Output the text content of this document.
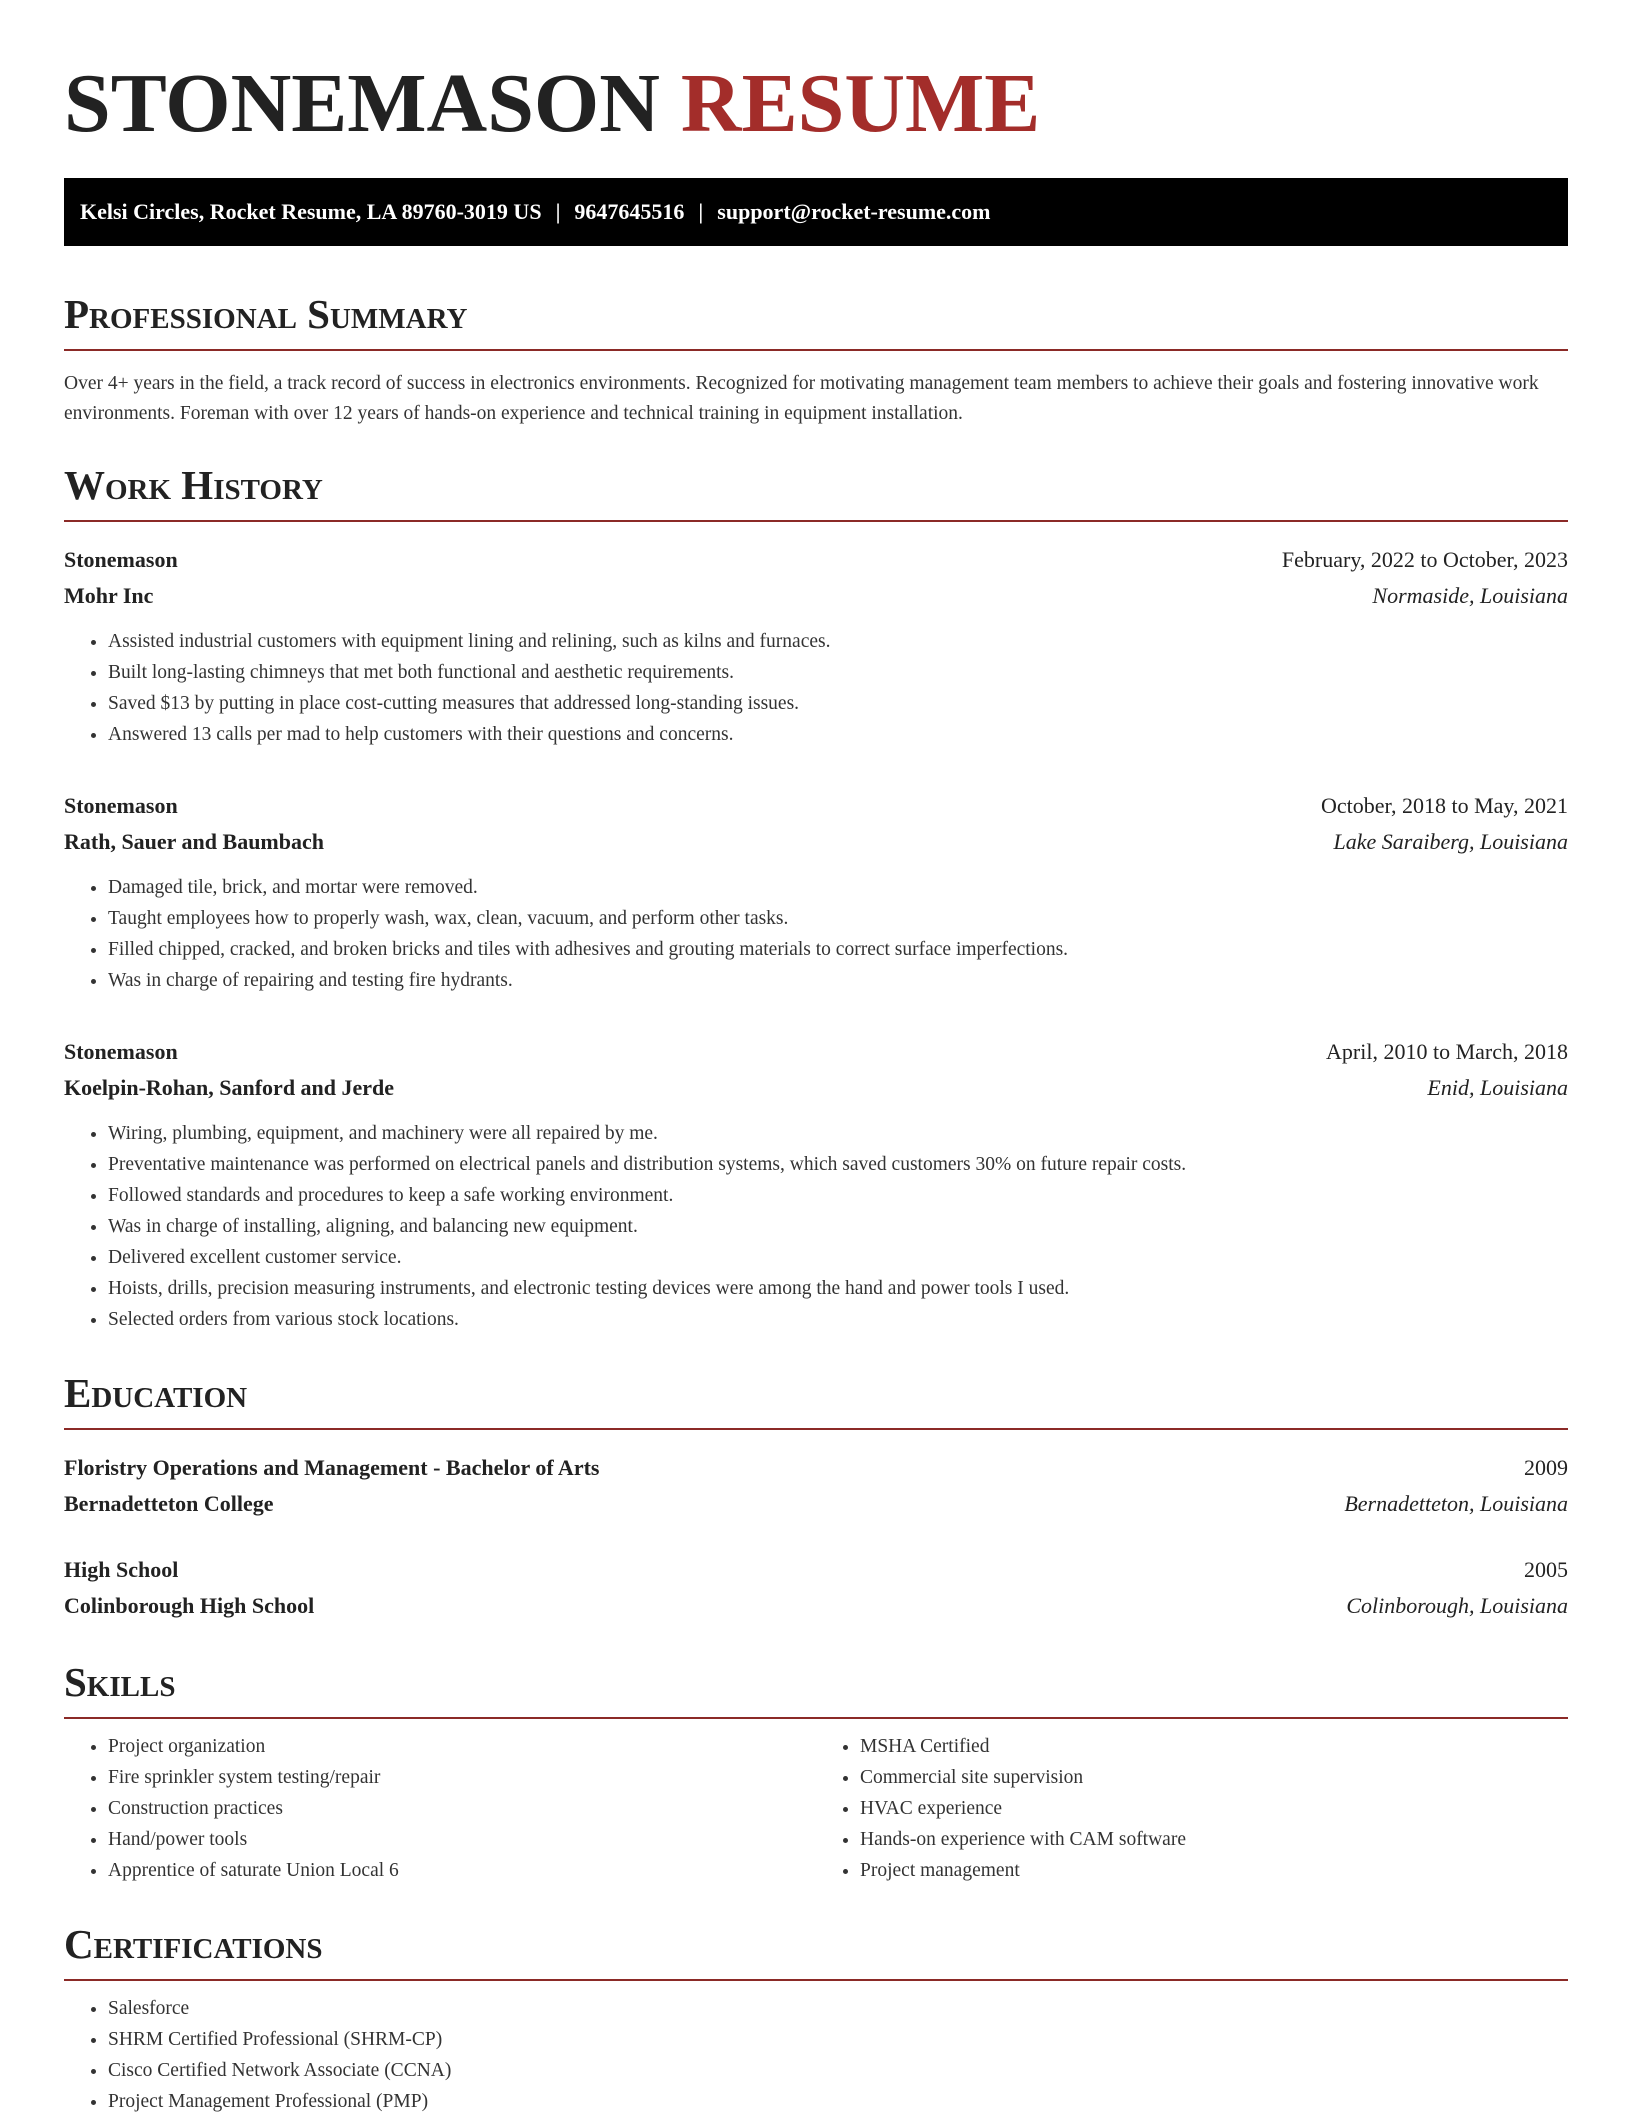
STONEMASON RESUME
Kelsi Circles, Rocket Resume, LA 89760-3019 US | 9647645516 | support@rocket-resume.com
Professional Summary

Over 4+ years in the field, a track record of success in electronics environments. Recognized for motivating management team members to achieve their goals and fostering innovative work environments. Foreman with over 12 years of hands-on experience and technical training in equipment installation.

Work History
Stonemason	February, 2022 to October, 2023
Mohr Inc	Normaside, Louisiana
• Assisted industrial customers with equipment lining and relining, such as kilns and furnaces.
• Built long-lasting chimneys that met both functional and aesthetic requirements.
• Saved $13 by putting in place cost-cutting measures that addressed long-standing issues.
• Answered 13 calls per mad to help customers with their questions and concerns.
Stonemason	October, 2018 to May, 2021
Rath, Sauer and Baumbach	Lake Saraiberg, Louisiana
• Damaged tile, brick, and mortar were removed.
• Taught employees how to properly wash, wax, clean, vacuum, and perform other tasks.
• Filled chipped, cracked, and broken bricks and tiles with adhesives and grouting materials to correct surface imperfections.
• Was in charge of repairing and testing fire hydrants.
Stonemason	April, 2010 to March, 2018
Koelpin-Rohan, Sanford and Jerde	Enid, Louisiana
• Wiring, plumbing, equipment, and machinery were all repaired by me.
• Preventative maintenance was performed on electrical panels and distribution systems, which saved customers 30% on future repair costs.
• Followed standards and procedures to keep a safe working environment.
• Was in charge of installing, aligning, and balancing new equipment.
• Delivered excellent customer service.
• Hoists, drills, precision measuring instruments, and electronic testing devices were among the hand and power tools I used.
• Selected orders from various stock locations.
Education
Floristry Operations and Management - Bachelor of Arts	2009
Bernadetteton College	Bernadetteton, Louisiana
High School	2005
Colinborough High School	Colinborough, Louisiana
Skills
• Project organization
• Fire sprinkler system testing/repair
• Construction practices
• Hand/power tools
• Apprentice of saturate Union Local 6
• MSHA Certified
• Commercial site supervision
• HVAC experience
• Hands-on experience with CAM software
• Project management
Certifications
• Salesforce
• SHRM Certified Professional (SHRM-CP)
• Cisco Certified Network Associate (CCNA)
• Project Management Professional (PMP)
